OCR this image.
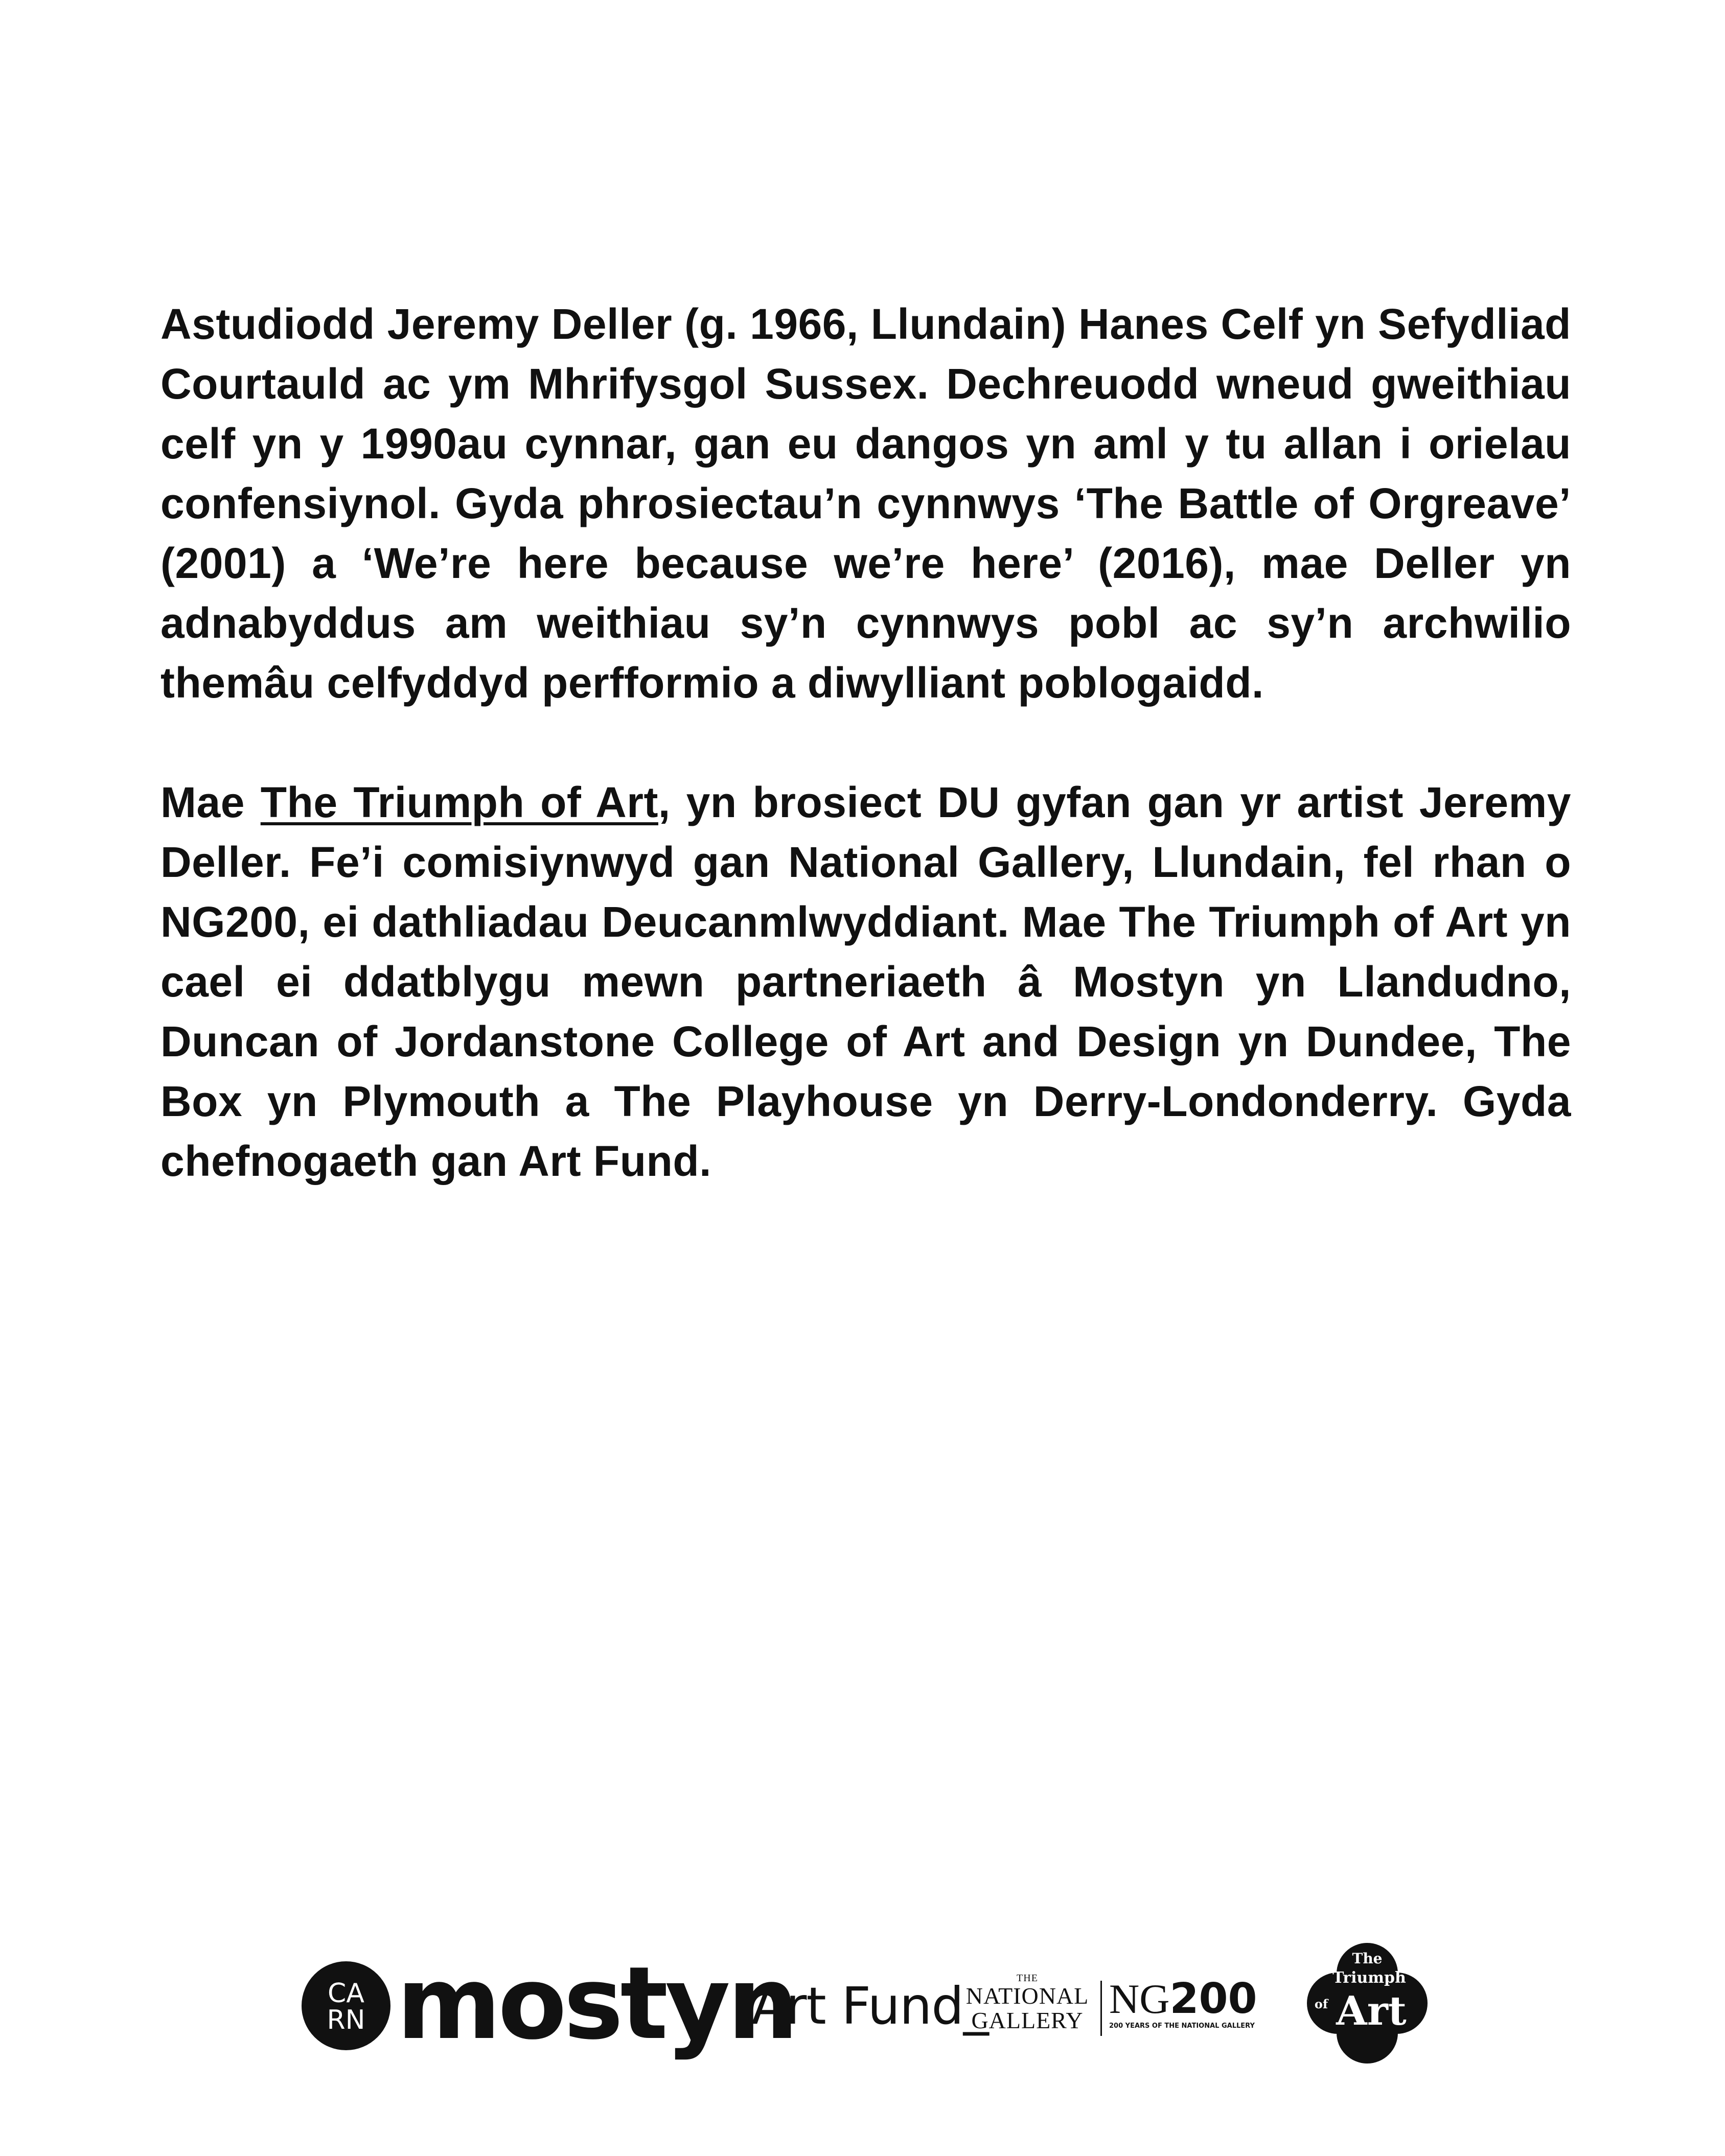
Astudiodd Jeremy Deller (g. 1966, Llundain) Hanes Celf yn Sefydliad Courtauld ac ym Mhrifysgol Sussex. Dechreuodd wneud gweithiau celf yn y 1990au cynnar, gan eu dangos yn aml y tu allan i orielau confensiynol. Gyda phrosiectau’n cynnwys ‘The Battle of Orgreave’ (2001) a ‘We’re here because we’re here’ (2016), mae Deller yn adnabyddus am weithiau sy’n cynnwys pobl ac sy’n archwilio themâu celfyddyd perfformio a diwylliant poblogaidd.

Mae The Triumph of Art, yn brosiect DU gyfan gan yr artist Jeremy Deller. Fe’i comisiynwyd gan National Gallery, Llundain, fel rhan o NG200, ei dathliadau Deucanmlwyddiant. Mae The Triumph of Art yn cael ei ddatblygu mewn partneriaeth â Mostyn yn Llandudno, Duncan of Jordanstone College of Art and Design yn Dundee, The Box yn Plymouth a The Playhouse yn Derry-Londonderry. Gyda chefnogaeth gan Art Fund.

CA
RN mostyn
Art Fund_	THE
NATIONAL
GALLERY NG200
200 YEARS OF THE NATIONAL GALLERY
The
Triumph
of Art
